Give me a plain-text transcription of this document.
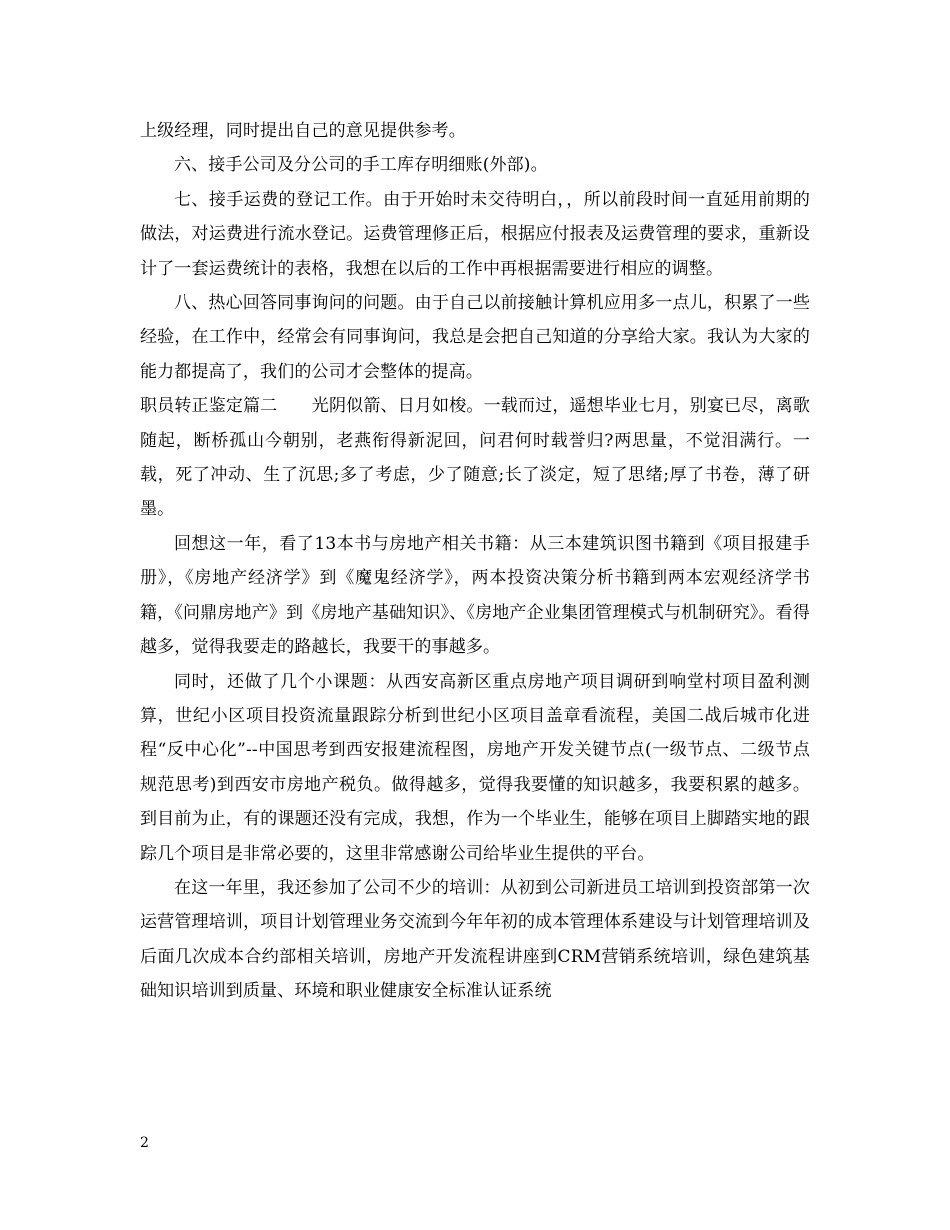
上级经理，同时提出自己的意见提供参考。

六、接手公司及分公司的手工库存明细账(外部)。

七、接手运费的登记工作。由于开始时未交待明白，，所以前段时间一直延用前期的做法，对运费进行流水登记。运费管理修正后，根据应付报表及运费管理的要求，重新设计了一套运费统计的表格，我想在以后的工作中再根据需要进行相应的调整。

八、热心回答同事询问的问题。由于自己以前接触计算机应用多一点儿，积累了一些经验，在工作中，经常会有同事询问，我总是会把自己知道的分享给大家。我认为大家的能力都提高了，我们的公司才会整体的提高。

职员转正鉴定篇二　　光阴似箭、日月如梭。一载而过，遥想毕业七月，别宴已尽，离歌随起，断桥孤山今朝别，老燕衔得新泥回，问君何时载誉归?两思量，不觉泪满行。一载，死了冲动、生了沉思;多了考虑，少了随意;长了淡定，短了思绪;厚了书卷，薄了研墨。

回想这一年，看了13本书与房地产相关书籍：从三本建筑识图书籍到《项目报建手册》，《房地产经济学》到《魔鬼经济学》，两本投资决策分析书籍到两本宏观经济学书籍，《问鼎房地产》到《房地产基础知识》、《房地产企业集团管理模式与机制研究》。看得越多，觉得我要走的路越长，我要干的事越多。

同时，还做了几个小课题：从西安高新区重点房地产项目调研到响堂村项目盈利测算，世纪小区项目投资流量跟踪分析到世纪小区项目盖章看流程，美国二战后城市化进程“反中心化”--中国思考到西安报建流程图，房地产开发关键节点(一级节点、二级节点规范思考)到西安市房地产税负。做得越多，觉得我要懂的知识越多，我要积累的越多。到目前为止，有的课题还没有完成，我想，作为一个毕业生，能够在项目上脚踏实地的跟踪几个项目是非常必要的，这里非常感谢公司给毕业生提供的平台。

在这一年里，我还参加了公司不少的培训：从初到公司新进员工培训到投资部第一次运营管理培训，项目计划管理业务交流到今年年初的成本管理体系建设与计划管理培训及后面几次成本合约部相关培训，房地产开发流程讲座到CRM营销系统培训，绿色建筑基础知识培训到质量、环境和职业健康安全标准认证系统

2
